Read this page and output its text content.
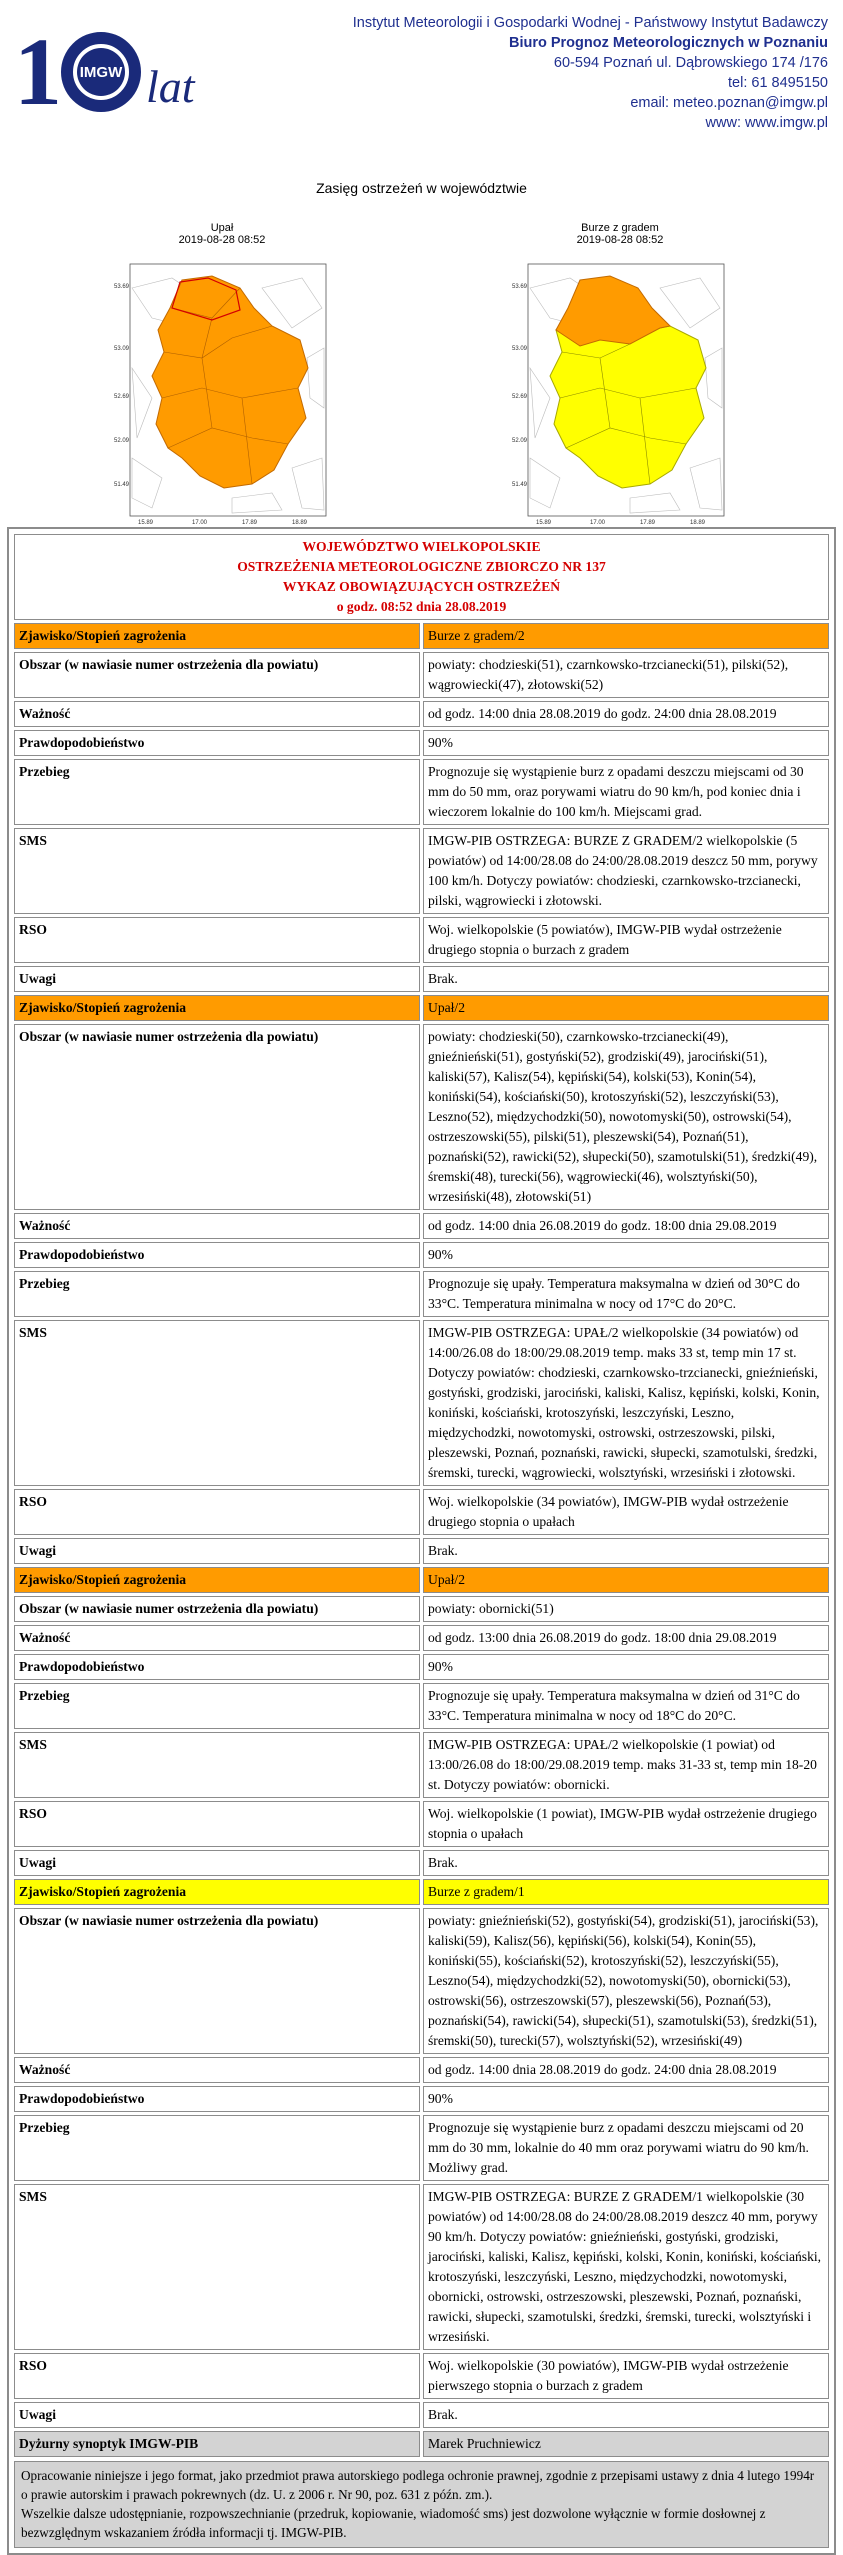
1 lat
IMGW
Instytut Meteorologii i Gospodarki Wodnej - Państwowy Instytut Badawczy
Biuro Prognoz Meteorologicznych w Poznaniu
60-594 Poznań ul. Dąbrowskiego 174 /176
tel: 61 8495150
email: meteo.poznan@imgw.pl
www: www.imgw.pl
Zasięg ostrzeżeń w województwie
Upał
2019-08-28 08:52
53.69
53.09
52.69
52.09
51.49
15.89	17.00	17.89	18.89
Burze z gradem
2019-08-28 08:52
53.69
53.09
52.69
52.09
51.49
15.89	17.00	17.89	18.89
WOJEWÓDZTWO WIELKOPOLSKIE
OSTRZEŻENIA METEOROLOGICZNE ZBIORCZO NR 137
WYKAZ OBOWIĄZUJĄCYCH OSTRZEŻEŃ
o godz. 08:52 dnia 28.08.2019	

Zjawisko/Stopień zagrożenia	Burze z gradem/2
Obszar (w nawiasie numer ostrzeżenia dla powiatu)	powiaty: chodzieski(51), czarnkowsko-trzcianecki(51), pilski(52), wągrowiecki(47), złotowski(52)
Ważność	od godz. 14:00 dnia 28.08.2019 do godz. 24:00 dnia 28.08.2019
Prawdopodobieństwo	90%
Przebieg	Prognozuje się wystąpienie burz z opadami deszczu miejscami od 30 mm do 50 mm, oraz porywami wiatru do 90 km/h, pod koniec dnia i wieczorem lokalnie do 100 km/h. Miejscami grad.
SMS	IMGW-PIB OSTRZEGA: BURZE Z GRADEM/2 wielkopolskie (5 powiatów) od 14:00/28.08 do 24:00/28.08.2019 deszcz 50 mm, porywy 100 km/h. Dotyczy powiatów: chodzieski, czarnkowsko-trzcianecki, pilski, wągrowiecki i złotowski.
RSO	Woj. wielkopolskie (5 powiatów), IMGW-PIB wydał ostrzeżenie drugiego stopnia o burzach z gradem
Uwagi	Brak.
Zjawisko/Stopień zagrożenia	Upał/2
Obszar (w nawiasie numer ostrzeżenia dla powiatu)	powiaty: chodzieski(50), czarnkowsko-trzcianecki(49), gnieźnieński(51), gostyński(52), grodziski(49), jarociński(51), kaliski(57), Kalisz(54), kępiński(54), kolski(53), Konin(54), koniński(54), kościański(50), krotoszyński(52), leszczyński(53), Leszno(52), międzychodzki(50), nowotomyski(50), ostrowski(54), ostrzeszowski(55), pilski(51), pleszewski(54), Poznań(51), poznański(52), rawicki(52), słupecki(50), szamotulski(51), średzki(49), śremski(48), turecki(56), wągrowiecki(46), wolsztyński(50), wrzesiński(48), złotowski(51)
Ważność	od godz. 14:00 dnia 26.08.2019 do godz. 18:00 dnia 29.08.2019
Prawdopodobieństwo	90%
Przebieg	Prognozuje się upały. Temperatura maksymalna w dzień od 30°C do 33°C. Temperatura minimalna w nocy od 17°C do 20°C.
SMS	IMGW-PIB OSTRZEGA: UPAŁ/2 wielkopolskie (34 powiatów) od 14:00/26.08 do 18:00/29.08.2019 temp. maks 33 st, temp min 17 st. Dotyczy powiatów: chodzieski, czarnkowsko-trzcianecki, gnieźnieński, gostyński, grodziski, jarociński, kaliski, Kalisz, kępiński, kolski, Konin, koniński, kościański, krotoszyński, leszczyński, Leszno, międzychodzki, nowotomyski, ostrowski, ostrzeszowski, pilski, pleszewski, Poznań, poznański, rawicki, słupecki, szamotulski, średzki, śremski, turecki, wągrowiecki, wolsztyński, wrzesiński i złotowski.
RSO	Woj. wielkopolskie (34 powiatów), IMGW-PIB wydał ostrzeżenie drugiego stopnia o upałach
Uwagi	Brak.
Zjawisko/Stopień zagrożenia	Upał/2
Obszar (w nawiasie numer ostrzeżenia dla powiatu)	powiaty: obornicki(51)
Ważność	od godz. 13:00 dnia 26.08.2019 do godz. 18:00 dnia 29.08.2019
Prawdopodobieństwo	90%
Przebieg	Prognozuje się upały. Temperatura maksymalna w dzień od 31°C do 33°C. Temperatura minimalna w nocy od 18°C do 20°C.
SMS	IMGW-PIB OSTRZEGA: UPAŁ/2 wielkopolskie (1 powiat) od 13:00/26.08 do 18:00/29.08.2019 temp. maks 31-33 st, temp min 18-20 st. Dotyczy powiatów: obornicki.
RSO	Woj. wielkopolskie (1 powiat), IMGW-PIB wydał ostrzeżenie drugiego stopnia o upałach
Uwagi	Brak.
Zjawisko/Stopień zagrożenia	Burze z gradem/1
Obszar (w nawiasie numer ostrzeżenia dla powiatu)	powiaty: gnieźnieński(52), gostyński(54), grodziski(51), jarociński(53), kaliski(59), Kalisz(56), kępiński(56), kolski(54), Konin(55), koniński(55), kościański(52), krotoszyński(52), leszczyński(55), Leszno(54), międzychodzki(52), nowotomyski(50), obornicki(53), ostrowski(56), ostrzeszowski(57), pleszewski(56), Poznań(53), poznański(54), rawicki(54), słupecki(51), szamotulski(53), średzki(51), śremski(50), turecki(57), wolsztyński(52), wrzesiński(49)
Ważność	od godz. 14:00 dnia 28.08.2019 do godz. 24:00 dnia 28.08.2019
Prawdopodobieństwo	90%
Przebieg	Prognozuje się wystąpienie burz z opadami deszczu miejscami od 20 mm do 30 mm, lokalnie do 40 mm oraz porywami wiatru do 90 km/h. Możliwy grad.
SMS	IMGW-PIB OSTRZEGA: BURZE Z GRADEM/1 wielkopolskie (30 powiatów) od 14:00/28.08 do 24:00/28.08.2019 deszcz 40 mm, porywy 90 km/h. Dotyczy powiatów: gnieźnieński, gostyński, grodziski, jarociński, kaliski, Kalisz, kępiński, kolski, Konin, koniński, kościański, krotoszyński, leszczyński, Leszno, międzychodzki, nowotomyski, obornicki, ostrowski, ostrzeszowski, pleszewski, Poznań, poznański, rawicki, słupecki, szamotulski, średzki, śremski, turecki, wolsztyński i wrzesiński.
RSO	Woj. wielkopolskie (30 powiatów), IMGW-PIB wydał ostrzeżenie pierwszego stopnia o burzach z gradem
Uwagi	Brak.
Dyżurny synoptyk IMGW-PIB	Marek Pruchniewicz
Opracowanie niniejsze i jego format, jako przedmiot prawa autorskiego podlega ochronie prawnej, zgodnie z przepisami ustawy z dnia 4 lutego 1994r o prawie autorskim i prawach pokrewnych (dz. U. z 2006 r. Nr 90, poz. 631 z późn. zm.).
Wszelkie dalsze udostępnianie, rozpowszechnianie (przedruk, kopiowanie, wiadomość sms) jest dozwolone wyłącznie w formie dosłownej z bezwzględnym wskazaniem źródła informacji tj. IMGW-PIB.
